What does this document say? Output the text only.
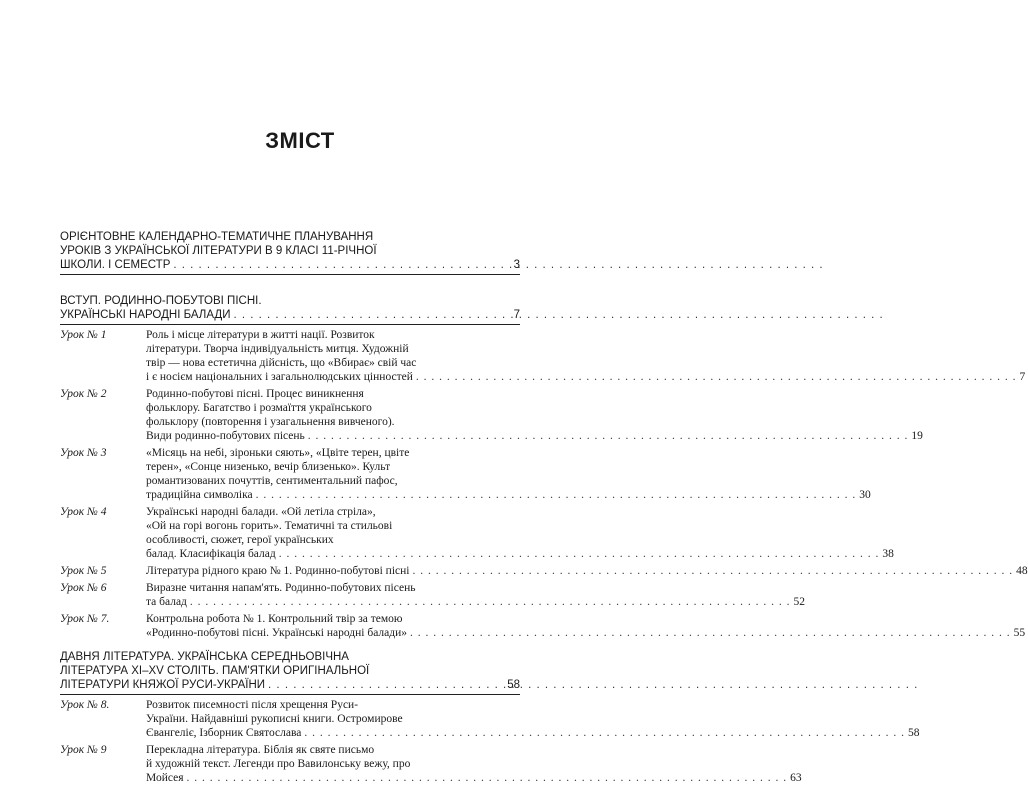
ЗМІСТ
ОРІЄНТОВНЕ КАЛЕНДАРНО-ТЕМАТИЧНЕ ПЛАНУВАННЯ
УРОКІВ З УКРАЇНСЬКОЇ ЛІТЕРАТУРИ В 9 КЛАСІ 11-РІЧНОЇ
ШКОЛИ. І СЕМЕСТР . . .	3
ВСТУП. РОДИННО-ПОБУТОВІ ПІСНІ.
УКРАЇНСЬКІ НАРОДНІ БАЛАДИ . . .	7
Урок № 1	Роль і місце літератури в житті нації. Розвиток
літератури. Творча індивідуальність митця. Художній
твір — нова естетична дійсність, що «Вбирає» свій час
і є носієм національних і загальнолюдських цінностей . . .	7
Урок № 2	Родинно-побутові пісні. Процес виникнення
фольклору. Багатство і розмаїття українського
фольклору (повторення і узагальнення вивченого).
Види родинно-побутових пісень . . .	19
Урок № 3	«Місяць на небі, зіроньки сяють», «Цвіте терен, цвіте
терен», «Сонце низенько, вечір близенько». Культ
романтизованих почуттів, сентиментальний пафос,
традиційна символіка . . .	30
Урок № 4	Українські народні балади. «Ой летіла стріла»,
«Ой на горі вогонь горить». Тематичні та стильові
особливості, сюжет, герої українських
балад. Класифікація балад . . .	38
Урок № 5	Література рідного краю № 1. Родинно-побутові пісні . . .	48
Урок № 6	Виразне читання напам'ять. Родинно-побутових пісень
та балад . . .	52
Урок № 7.	Контрольна робота № 1. Контрольний твір за темою
«Родинно-побутові пісні. Українські народні балади» . . .	55
ДАВНЯ ЛІТЕРАТУРА. УКРАЇНСЬКА СЕРЕДНЬОВІЧНА
ЛІТЕРАТУРА XI–XV СТОЛІТЬ. ПАМ'ЯТКИ ОРИГІНАЛЬНОЇ
ЛІТЕРАТУРИ КНЯЖОЇ РУСИ-УКРАЇНИ . . .	58
Урок № 8.	Розвиток писемності після хрещення Руси-
України. Найдавніші рукописні книги. Остромирове
Євангеліє, Ізборник Святослава . . .	58
Урок № 9	Перекладна література. Біблія як святе письмо
й художній текст. Легенди про Вавилонську вежу, про
Мойсея . . .	63
